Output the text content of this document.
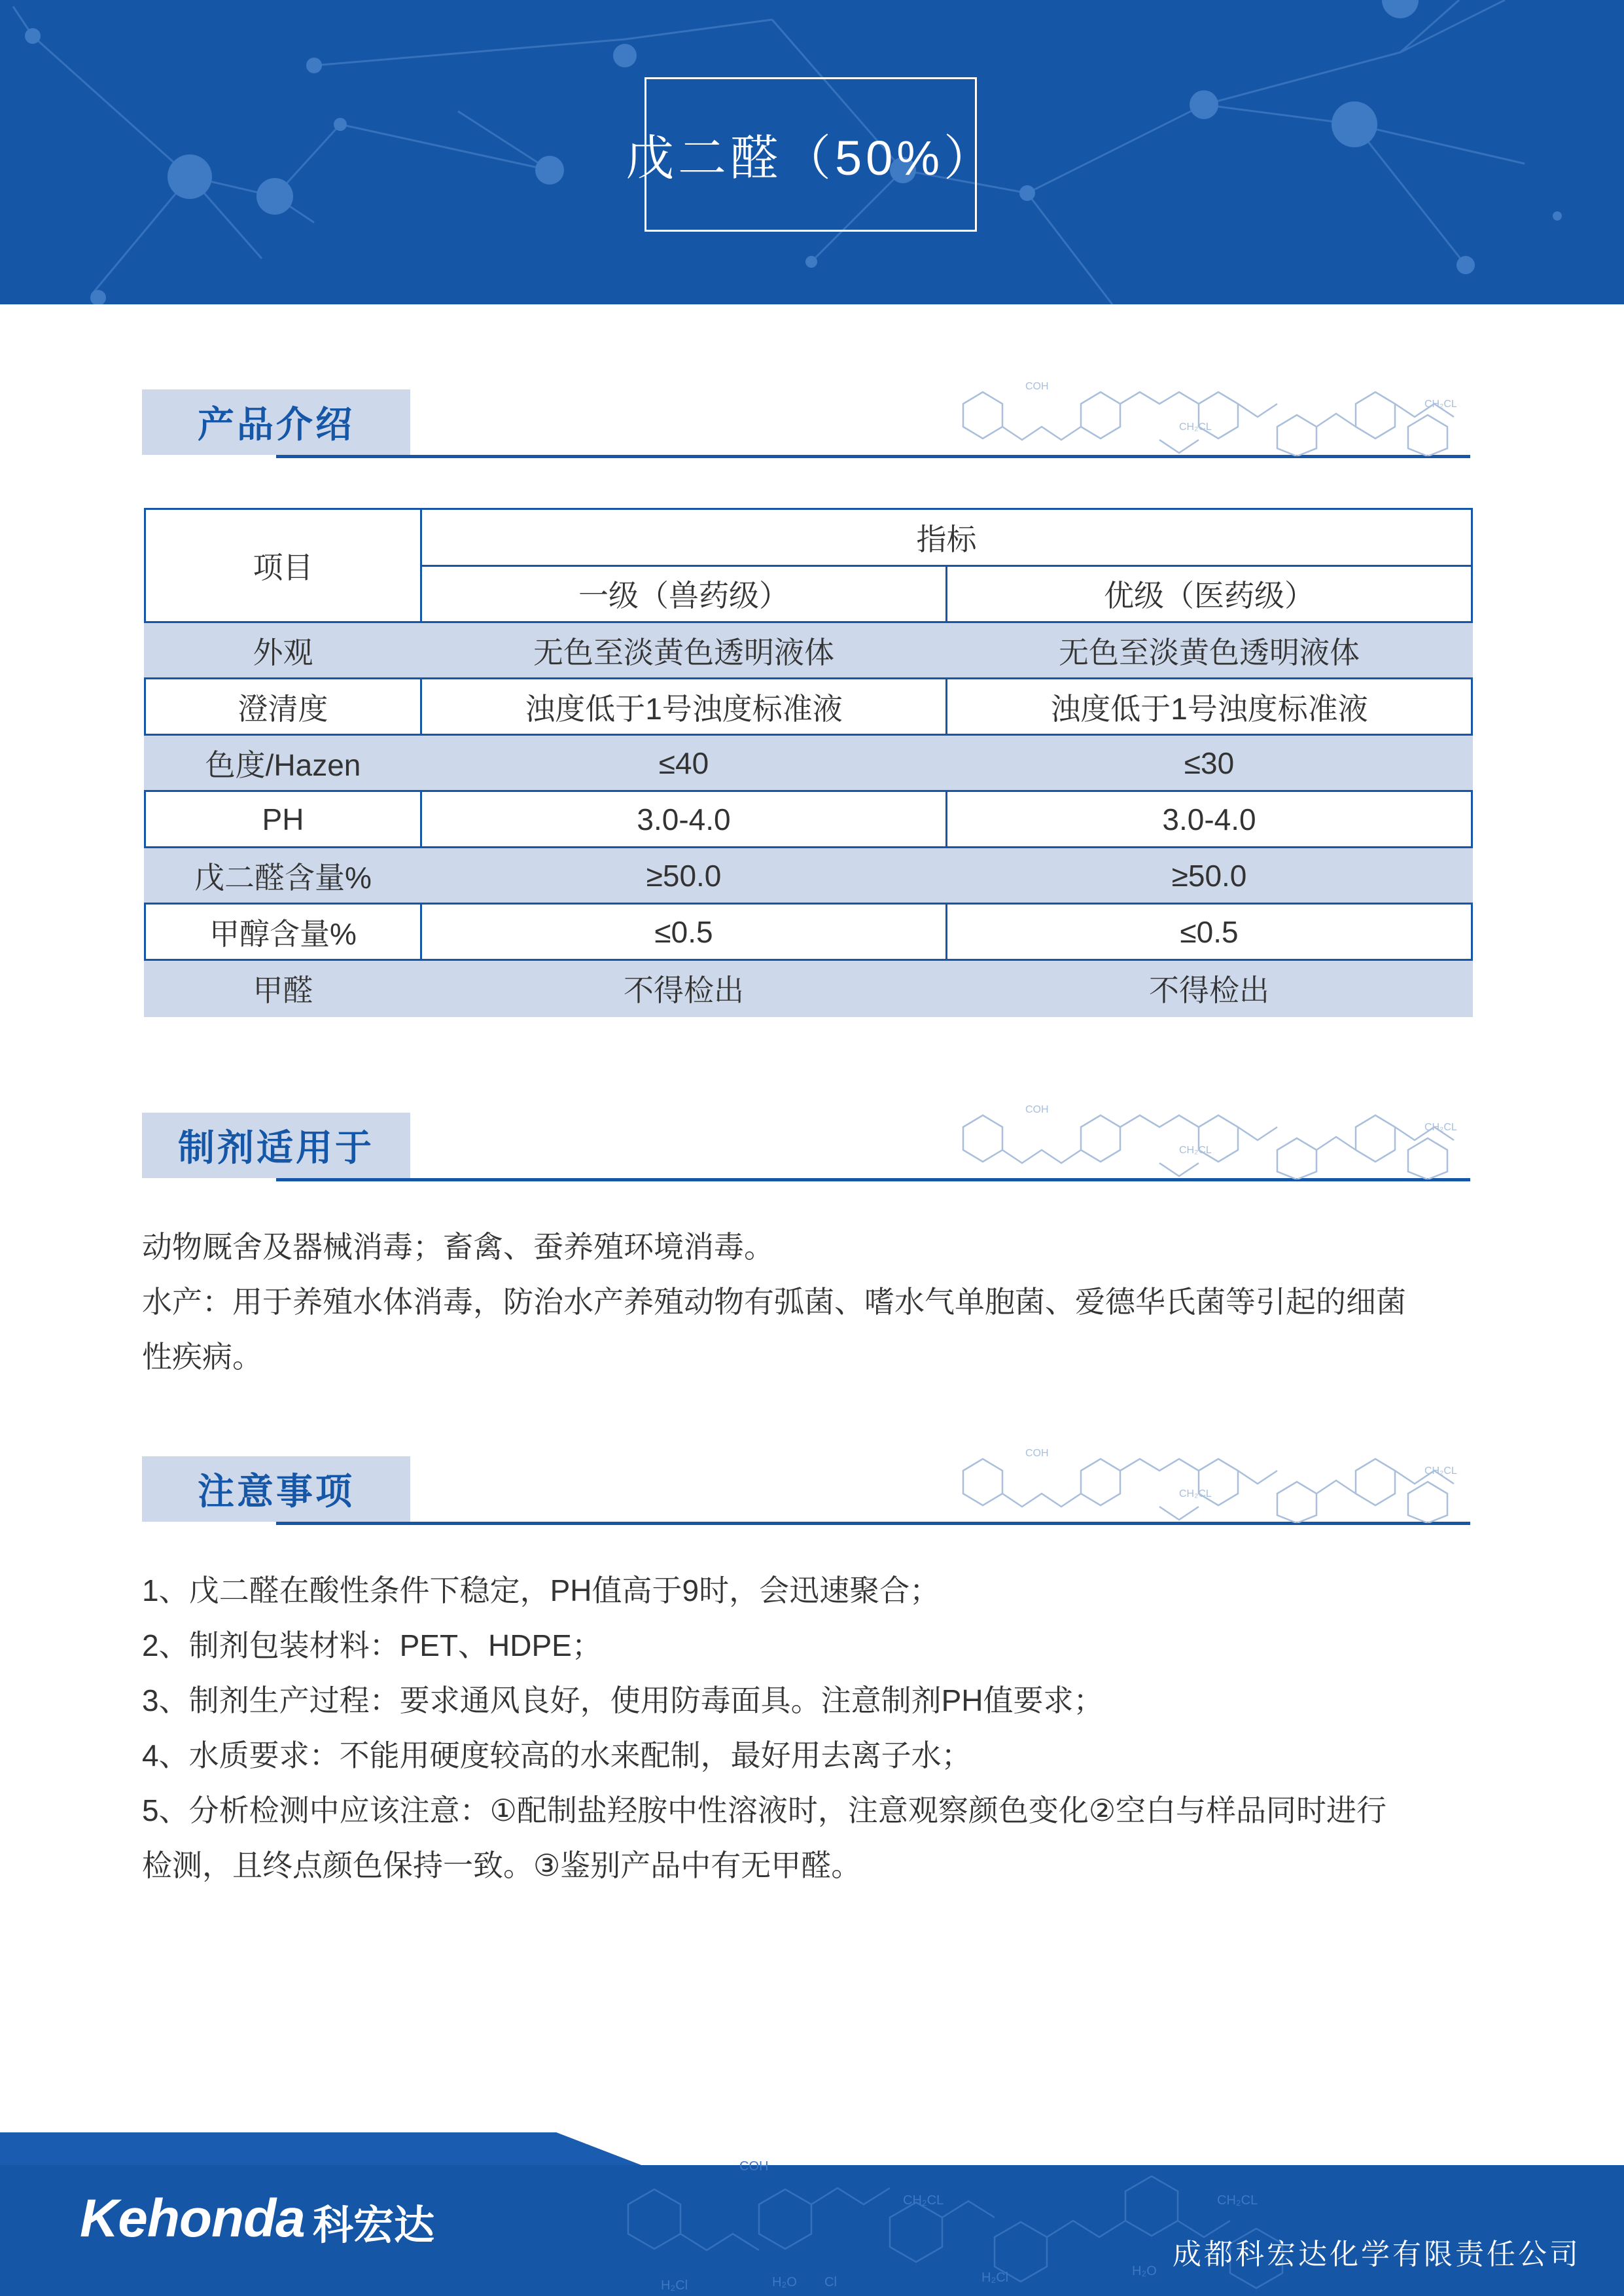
戊二醛（50%）
产品介绍
COH
CH₂CL
CH₂CL
项目	指标	
	一级（兽药级）	优级（医药级）
外观	无色至淡黄色透明液体	无色至淡黄色透明液体
澄清度	浊度低于1号浊度标准液	浊度低于1号浊度标准液
色度/Hazen	≤40	≤30
PH	3.0-4.0	3.0-4.0
戊二醛含量%	≥50.0	≥50.0
甲醇含量%	≤0.5	≤0.5
甲醛	不得检出	不得检出
制剂适用于
COH
CH₂CL
CH₂CL

动物厩舍及器械消毒；畜禽、蚕养殖环境消毒。

水产：用于养殖水体消毒，防治水产养殖动物有弧菌、嗜水气单胞菌、爱德华氏菌等引起的细菌

性疾病。

注意事项
COH
CH₂CL
CH₂CL

1、戊二醛在酸性条件下稳定，PH值高于9时，会迅速聚合；

2、制剂包装材料：PET、HDPE；

3、制剂生产过程：要求通风良好，使用防毒面具。注意制剂PH值要求；

4、水质要求：不能用硬度较高的水来配制，最好用去离子水；

5、分析检测中应该注意：①配制盐羟胺中性溶液时，注意观察颜色变化②空白与样品同时进行

检测，且终点颜色保持一致。③鉴别产品中有无甲醛。

COH
CH₂CL	CH₂CL
H₂O
H₂Cl
H₂Cl
Cl
H₂O
Kehonda 科宏达
成都科宏达化学有限责任公司
